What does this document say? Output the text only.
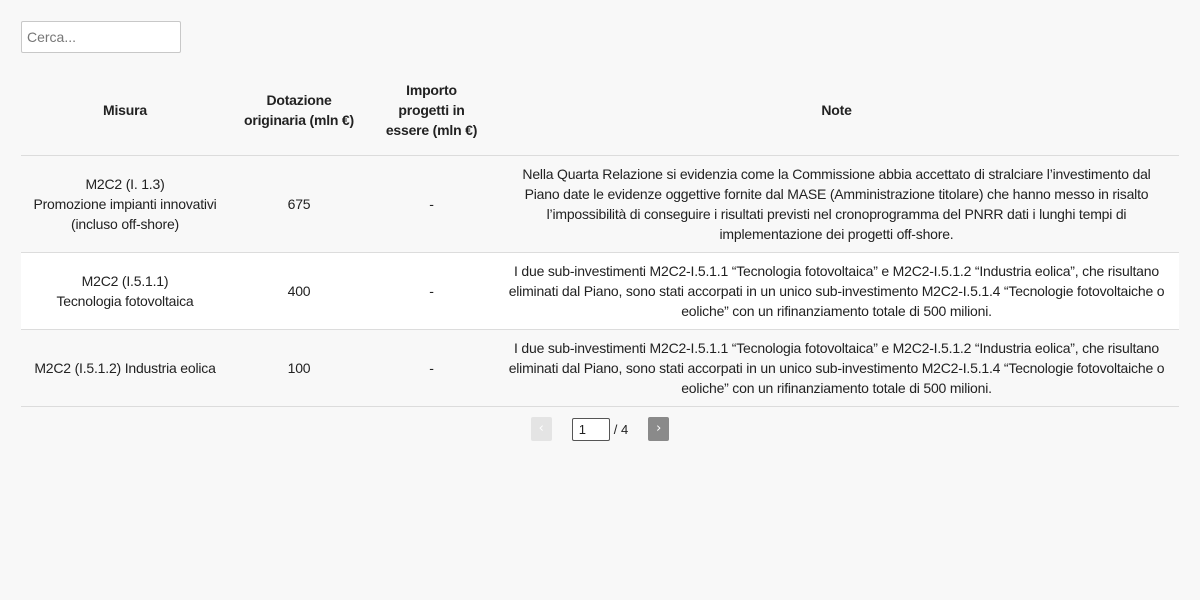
Cerca...
Misura	Dotazione originaria (mln €)	Importo progetti in essere (mln €)	Note

M2C2 (I. 1.3)
Promozione impianti innovativi (incluso off-shore)	675	-	Nella Quarta Relazione si evidenzia come la Commissione abbia accettato di stralciare l’investimento dal Piano date le evidenze oggettive fornite dal MASE (Amministrazione titolare) che hanno messo in risalto l’impossibilità di conseguire i risultati previsti nel cronoprogramma del PNRR dati i lunghi tempi di implementazione dei progetti off-shore.

M2C2 (I.5.1.1)
Tecnologia fotovoltaica	400	-	I due sub-investimenti M2C2-I.5.1.1 “Tecnologia fotovoltaica” e M2C2-I.5.1.2 “Industria eolica”, che risultano eliminati dal Piano, sono stati accorpati in un unico sub-investimento M2C2-I.5.1.4 “Tecnologie fotovoltaiche o eoliche” con un rifinanziamento totale di 500 milioni.

M2C2 (I.5.1.2) Industria eolica	100	-	I due sub-investimenti M2C2-I.5.1.1 “Tecnologia fotovoltaica” e M2C2-I.5.1.2 “Industria eolica”, che risultano eliminati dal Piano, sono stati accorpati in un unico sub-investimento M2C2-I.5.1.4 “Tecnologie fotovoltaiche o eoliche” con un rifinanziamento totale di 500 milioni.
‹
1	/ 4	›
